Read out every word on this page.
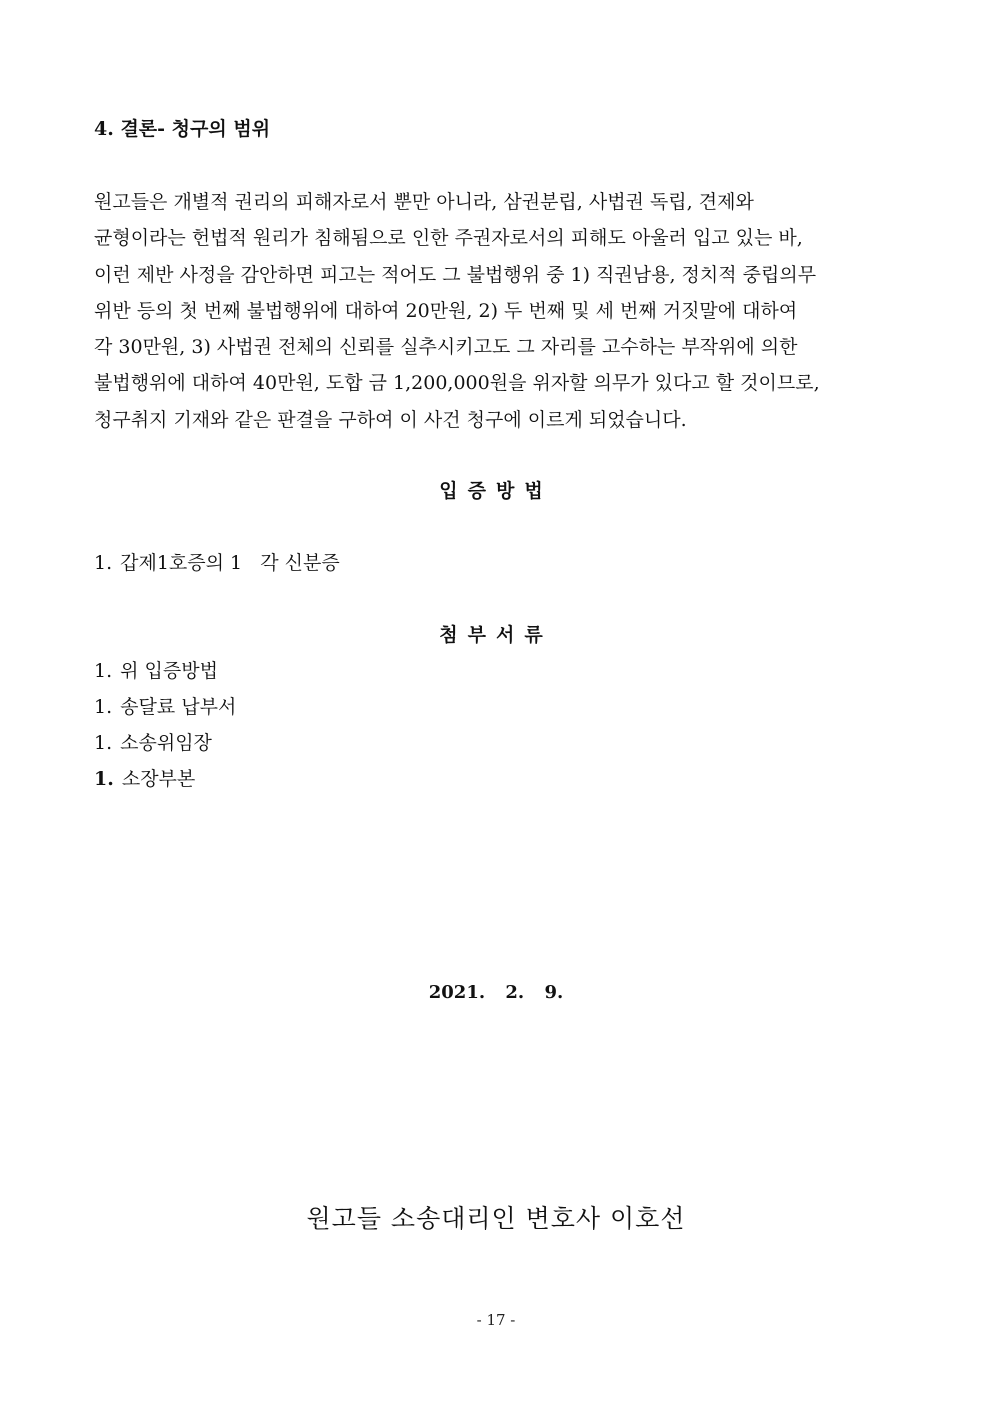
4. 결론- 청구의 범위
원고들은 개별적 권리의 피해자로서 뿐만 아니라, 삼권분립, 사법권 독립, 견제와
균형이라는 헌법적 원리가 침해됨으로 인한 주권자로서의 피해도 아울러 입고 있는 바,
이런 제반 사정을 감안하면 피고는 적어도 그 불법행위 중 1) 직권남용, 정치적 중립의무
위반 등의 첫 번째 불법행위에 대하여 20만원, 2) 두 번째 및 세 번째 거짓말에 대하여
각 30만원, 3) 사법권 전체의 신뢰를 실추시키고도 그 자리를 고수하는 부작위에 의한
불법행위에 대하여 40만원, 도합 금 1,200,000원을 위자할 의무가 있다고 할 것이므로,
청구취지 기재와 같은 판결을 구하여 이 사건 청구에 이르게 되었습니다.
입증방법
1. 갑제1호증의 1   각 신분증
첨부서류
1. 위 입증방법
1. 송달료 납부서
1. 소송위임장
1. 소장부본
2021. 2. 9.
원고들 소송대리인 변호사 이호선
- 17 -
